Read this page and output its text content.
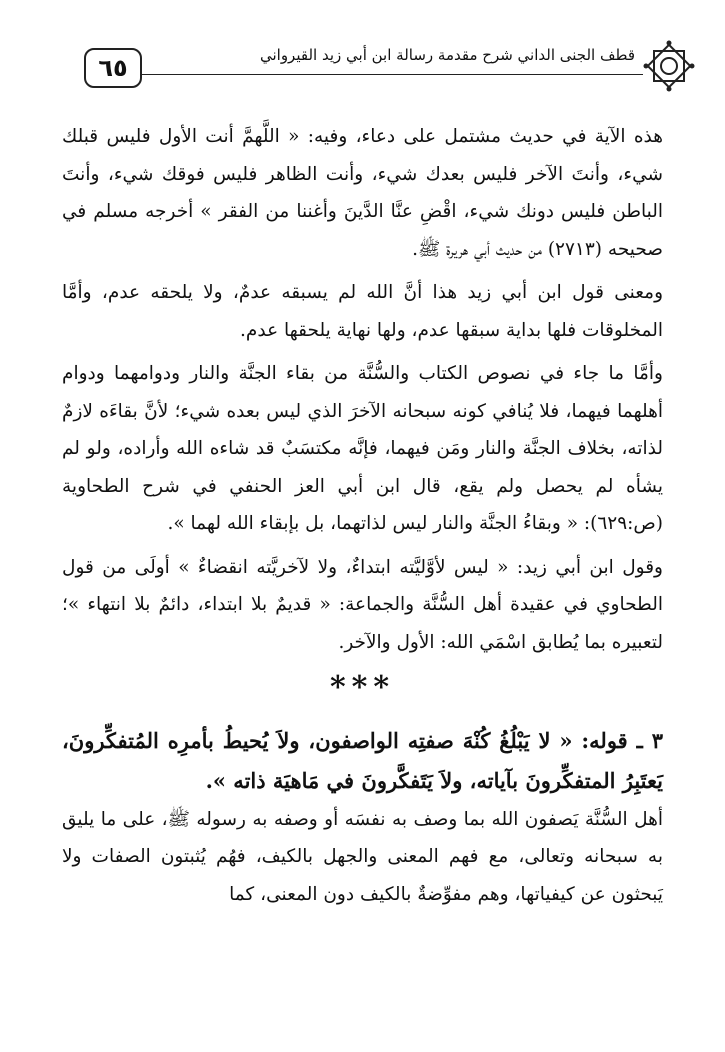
٦٥	قطف الجنى الداني شرح مقدمة رسالة ابن أبي زيد القيرواني

هذه الآية في حديث مشتمل على دعاء، وفيه: « اللَّهمَّ أنت الأول فليس قبلك شيء، وأنتَ الآخر فليس بعدك شيء، وأنت الظاهر فليس فوقك شيء، وأنتَ الباطن فليس دونك شيء، اقْضِ عنَّا الدَّينَ وأغننا من الفقر » أخرجه مسلم في صحيحه (٢٧١٣) من حديث أبي هريرة ﷺ.

ومعنى قول ابن أبي زيد هذا أنَّ الله لم يسبقه عدمٌ، ولا يلحقه عدم، وأمَّا المخلوقات فلها بداية سبقها عدم، ولها نهاية يلحقها عدم.

وأمَّا ما جاء في نصوص الكتاب والسُّنَّة من بقاء الجنَّة والنار ودوامهما ودوام أهلهما فيهما، فلا يُنافي كونه سبحانه الآخرَ الذي ليس بعده شيء؛ لأنَّ بقاءَه لازمٌ لذاته، بخلاف الجنَّة والنار ومَن فيهما، فإنَّه مكتسَبٌ قد شاءه الله وأراده، ولو لم يشأه لم يحصل ولم يقع، قال ابن أبي العز الحنفي في شرح الطحاوية (ص:٦٢٩): « وبقاءُ الجنَّة والنار ليس لذاتهما، بل بإبقاء الله لهما ».

وقول ابن أبي زيد: « ليس لأوَّليَّته ابتداءٌ، ولا لآخريَّته انقضاءٌ » أولَى من قول الطحاوي في عقيدة أهل السُّنَّة والجماعة: « قديمٌ بلا ابتداء، دائمٌ بلا انتهاء »؛ لتعبيره بما يُطابق اسْمَي الله: الأول والآخر.

***

٣ ـ قوله: « لا يَبْلُغُ كُنْهَ صفتِه الواصفون، ولاَ يُحيطُ بأمرِه المُتفكِّرونَ، يَعتَبِرُ المتفكِّرونَ بآياته، ولاَ يَتَفكَّرونَ في مَاهيَة ذاته ».

أهل السُّنَّة يَصفون الله بما وصف به نفسَه أو وصفه به رسوله ﷺ، على ما يليق به سبحانه وتعالى، مع فهم المعنى والجهل بالكيف، فهُم يُثبتون الصفات ولا يَبحثون عن كيفياتها، وهم مفوِّضةٌ بالكيف دون المعنى، كما
